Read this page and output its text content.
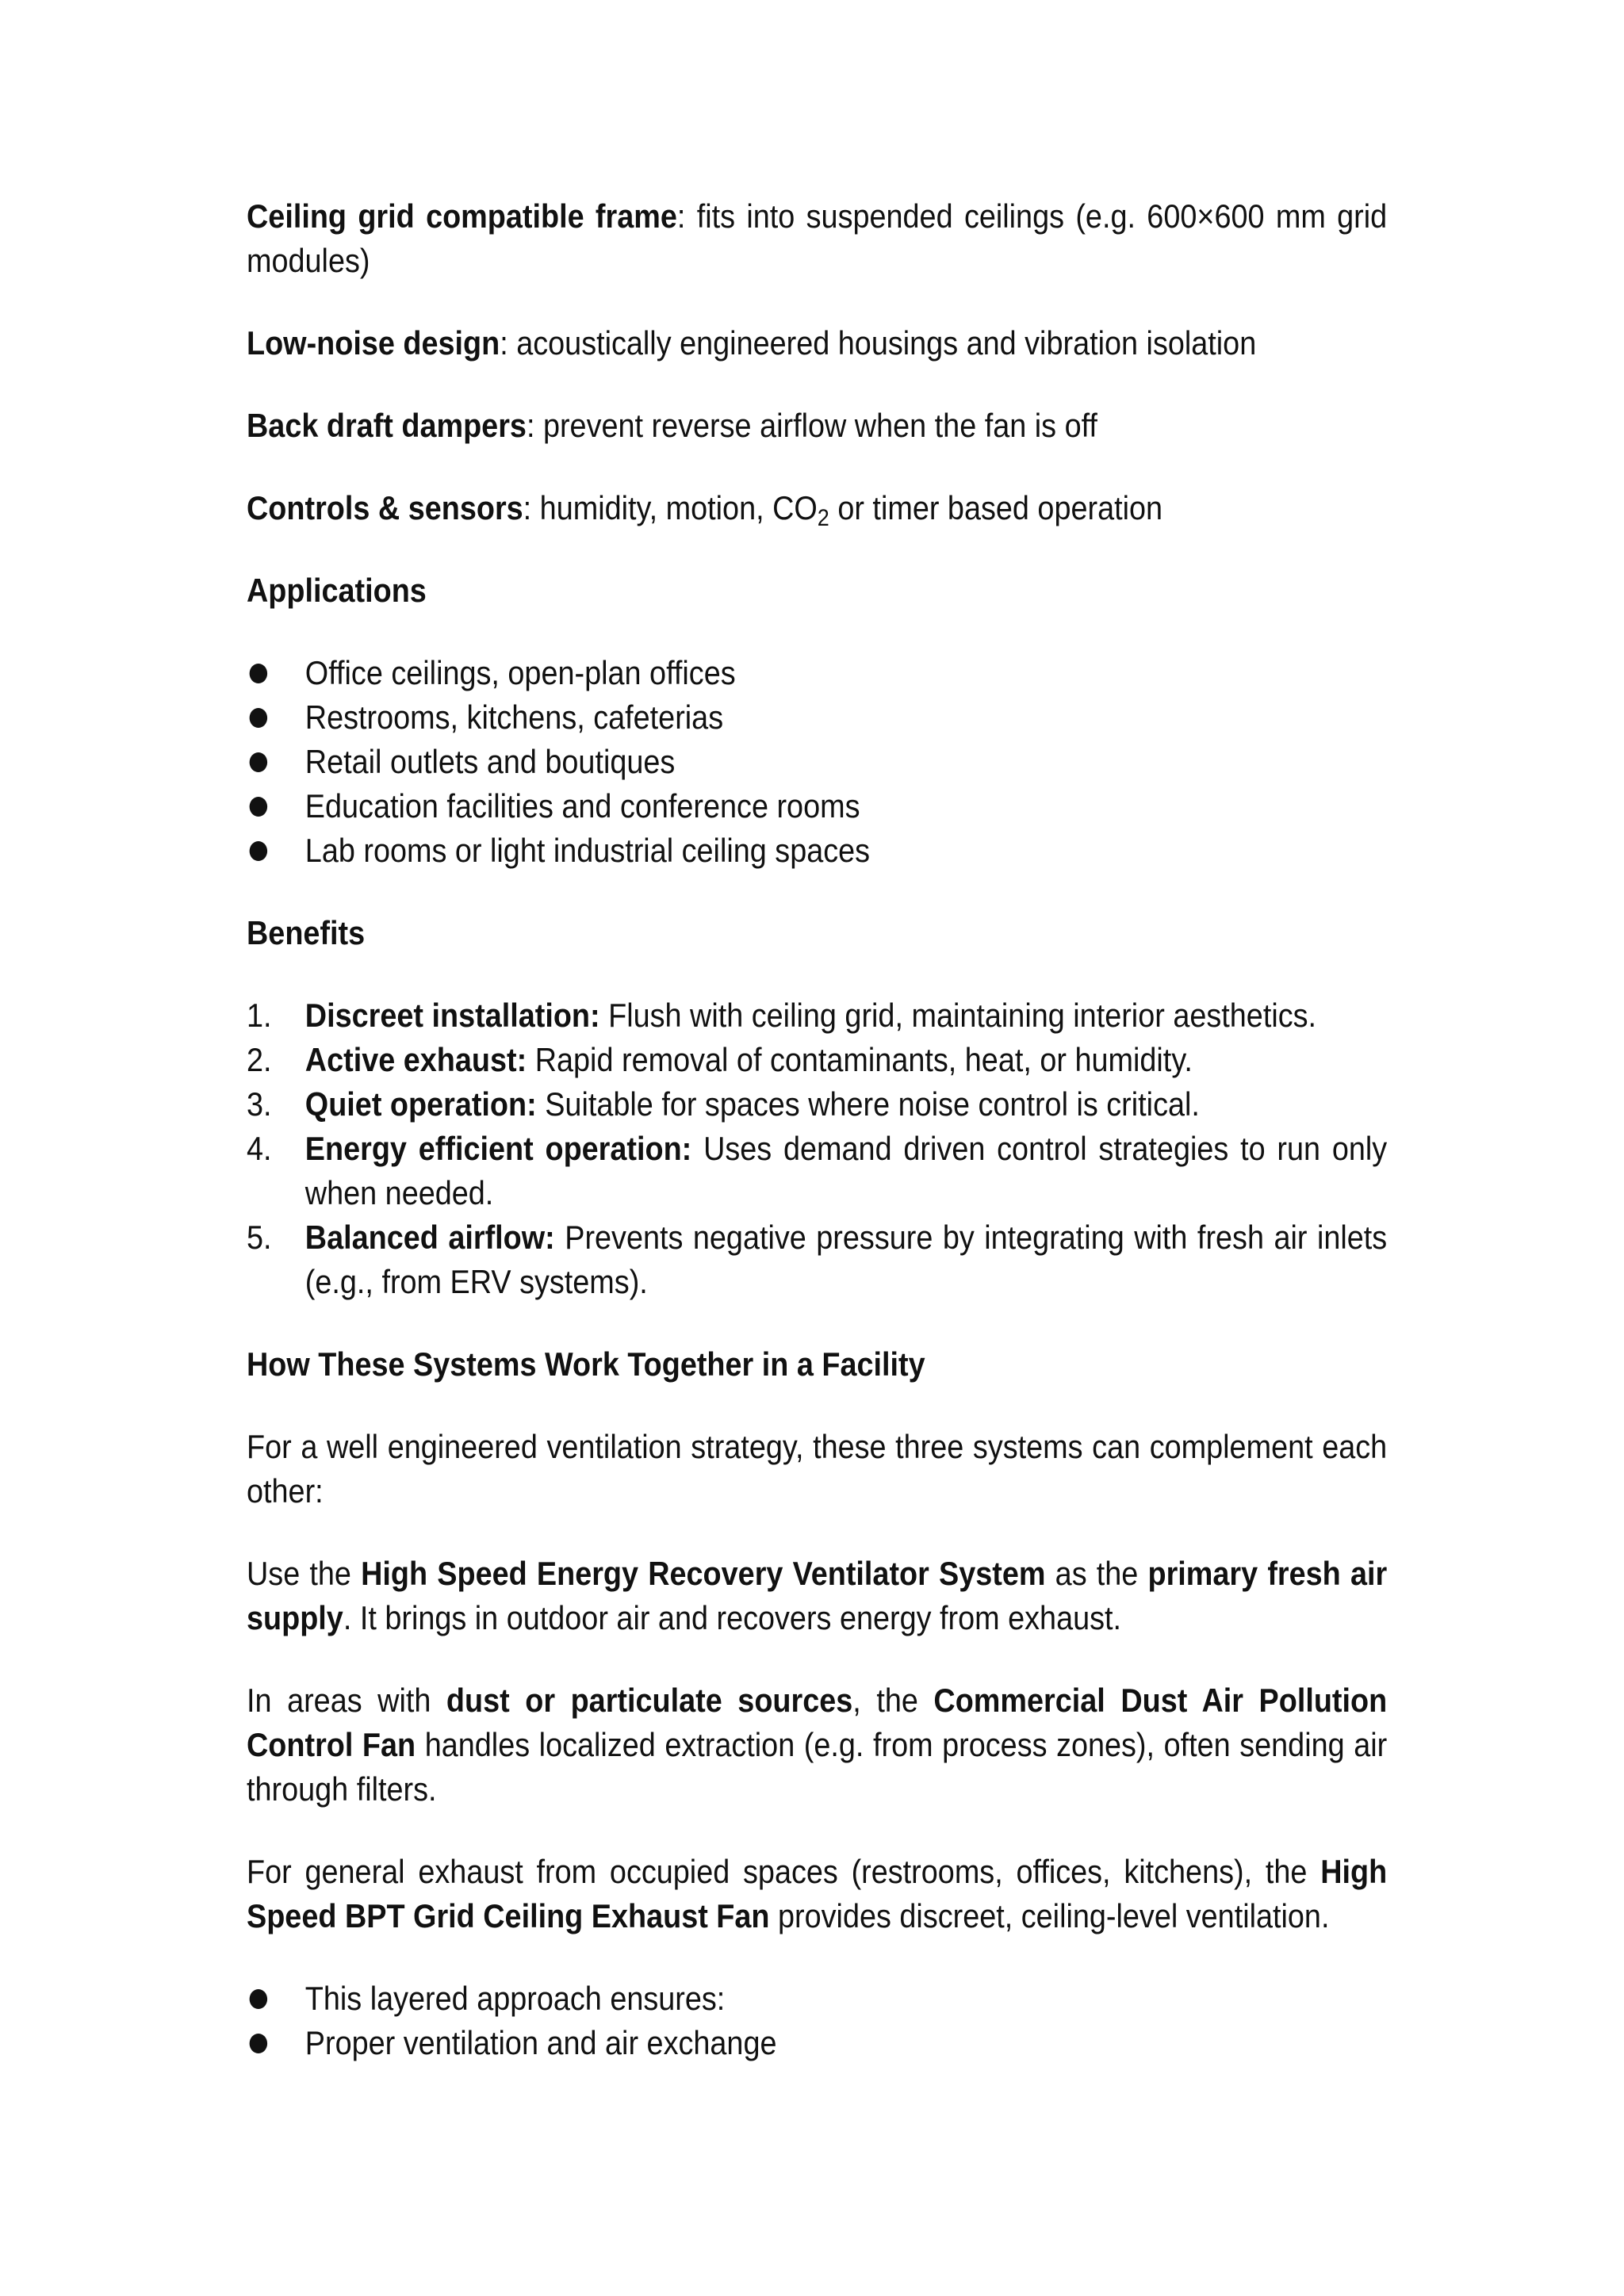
Ceiling grid compatible frame: fits into suspended ceilings (e.g. 600×600 mm grid modules)

Low-noise design: acoustically engineered housings and vibration isolation

Back draft dampers: prevent reverse airflow when the fan is off

Controls & sensors: humidity, motion, $CO_2$ or timer based operation

Applications
Office ceilings, open-plan offices
Restrooms, kitchens, cafeterias
Retail outlets and boutiques
Education facilities and conference rooms
Lab rooms or light industrial ceiling spaces
Benefits
1. Discreet installation: Flush with ceiling grid, maintaining interior aesthetics.
2. Active exhaust: Rapid removal of contaminants, heat, or humidity.
3. Quiet operation: Suitable for spaces where noise control is critical.
4. Energy efficient operation: Uses demand driven control strategies to run only when needed.
5. Balanced airflow: Prevents negative pressure by integrating with fresh air inlets (e.g., from ERV systems).
How These Systems Work Together in a Facility

For a well engineered ventilation strategy, these three systems can complement each other:

Use the High Speed Energy Recovery Ventilator System as the primary fresh air supply. It brings in outdoor air and recovers energy from exhaust.

In areas with dust or particulate sources, the Commercial Dust Air Pollution Control Fan handles localized extraction (e.g. from process zones), often sending air through filters.

For general exhaust from occupied spaces (restrooms, offices, kitchens), the High Speed BPT Grid Ceiling Exhaust Fan provides discreet, ceiling-level ventilation.

This layered approach ensures:
Proper ventilation and air exchange
